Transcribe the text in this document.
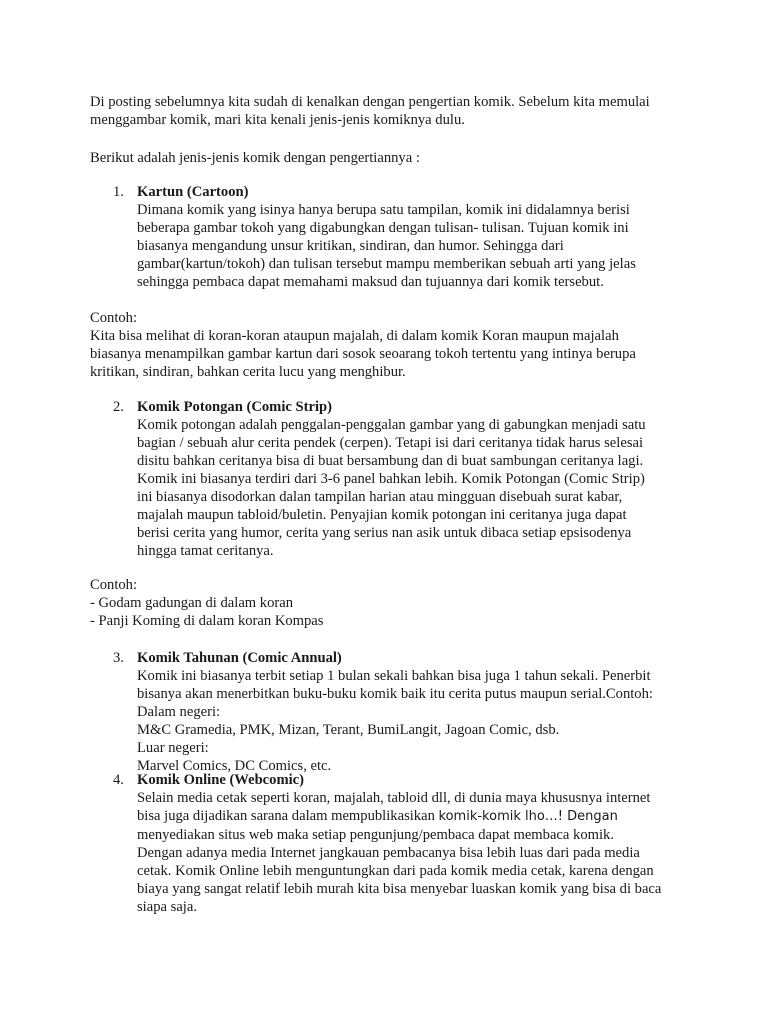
Di posting sebelumnya kita sudah di kenalkan dengan pengertian komik. Sebelum kita memulai
menggambar komik, mari kita kenali jenis-jenis komiknya dulu.
Berikut adalah jenis-jenis komik dengan pengertiannya :
1. Kartun (Cartoon)
Dimana komik yang isinya hanya berupa satu tampilan, komik ini didalamnya berisi
beberapa gambar tokoh yang digabungkan dengan tulisan- tulisan. Tujuan komik ini
biasanya mengandung unsur kritikan, sindiran, dan humor. Sehingga dari
gambar(kartun/tokoh) dan tulisan tersebut mampu memberikan sebuah arti yang jelas
sehingga pembaca dapat memahami maksud dan tujuannya dari komik tersebut.
Contoh:
Kita bisa melihat di koran-koran ataupun majalah, di dalam komik Koran maupun majalah
biasanya menampilkan gambar kartun dari sosok seoarang tokoh tertentu yang intinya berupa
kritikan, sindiran, bahkan cerita lucu yang menghibur.
2. Komik Potongan (Comic Strip)
Komik potongan adalah penggalan-penggalan gambar yang di gabungkan menjadi satu
bagian / sebuah alur cerita pendek (cerpen). Tetapi isi dari ceritanya tidak harus selesai
disitu bahkan ceritanya bisa di buat bersambung dan di buat sambungan ceritanya lagi.
Komik ini biasanya terdiri dari 3-6 panel bahkan lebih. Komik Potongan (Comic Strip)
ini biasanya disodorkan dalan tampilan harian atau mingguan disebuah surat kabar,
majalah maupun tabloid/buletin. Penyajian komik potongan ini ceritanya juga dapat
berisi cerita yang humor, cerita yang serius nan asik untuk dibaca setiap epsisodenya
hingga tamat ceritanya.
Contoh:
- Godam gadungan di dalam koran
- Panji Koming di dalam koran Kompas
3. Komik Tahunan (Comic Annual)
Komik ini biasanya terbit setiap 1 bulan sekali bahkan bisa juga 1 tahun sekali. Penerbit
bisanya akan menerbitkan buku-buku komik baik itu cerita putus maupun serial.Contoh:
Dalam negeri:
M&C Gramedia, PMK, Mizan, Terant, BumiLangit, Jagoan Comic, dsb.
Luar negeri:
Marvel Comics, DC Comics, etc.
4. Komik Online (Webcomic)
Selain media cetak seperti koran, majalah, tabloid dll, di dunia maya khususnya internet
bisa juga dijadikan sarana dalam mempublikasikan komik-komik lho…! Dengan
menyediakan situs web maka setiap pengunjung/pembaca dapat membaca komik.
Dengan adanya media Internet jangkauan pembacanya bisa lebih luas dari pada media
cetak. Komik Online lebih menguntungkan dari pada komik media cetak, karena dengan
biaya yang sangat relatif lebih murah kita bisa menyebar luaskan komik yang bisa di baca
siapa saja.
